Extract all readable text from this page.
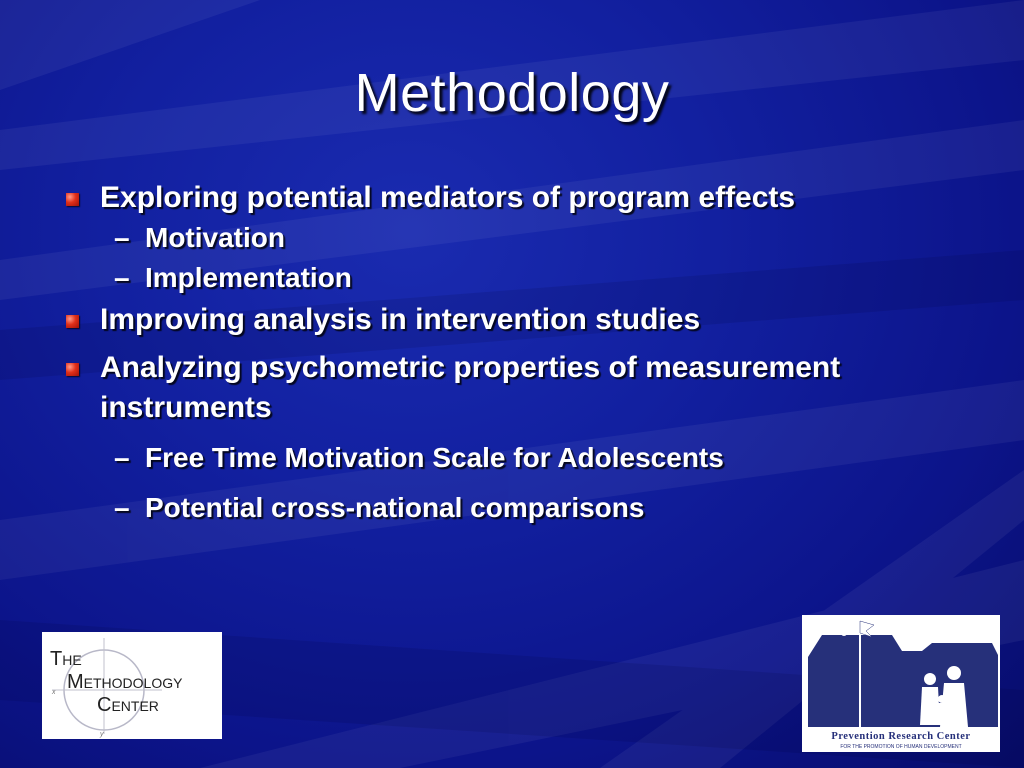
Methodology
Exploring potential mediators of program effects
– Motivation
– Implementation
Improving analysis in intervention studies
Analyzing psychometric properties of measurement
instruments
– Free Time Motivation Scale for Adolescents
– Potential cross-national comparisons
x
y
The
Methodology
Center
Prevention Research Center
FOR THE PROMOTION OF HUMAN DEVELOPMENT
